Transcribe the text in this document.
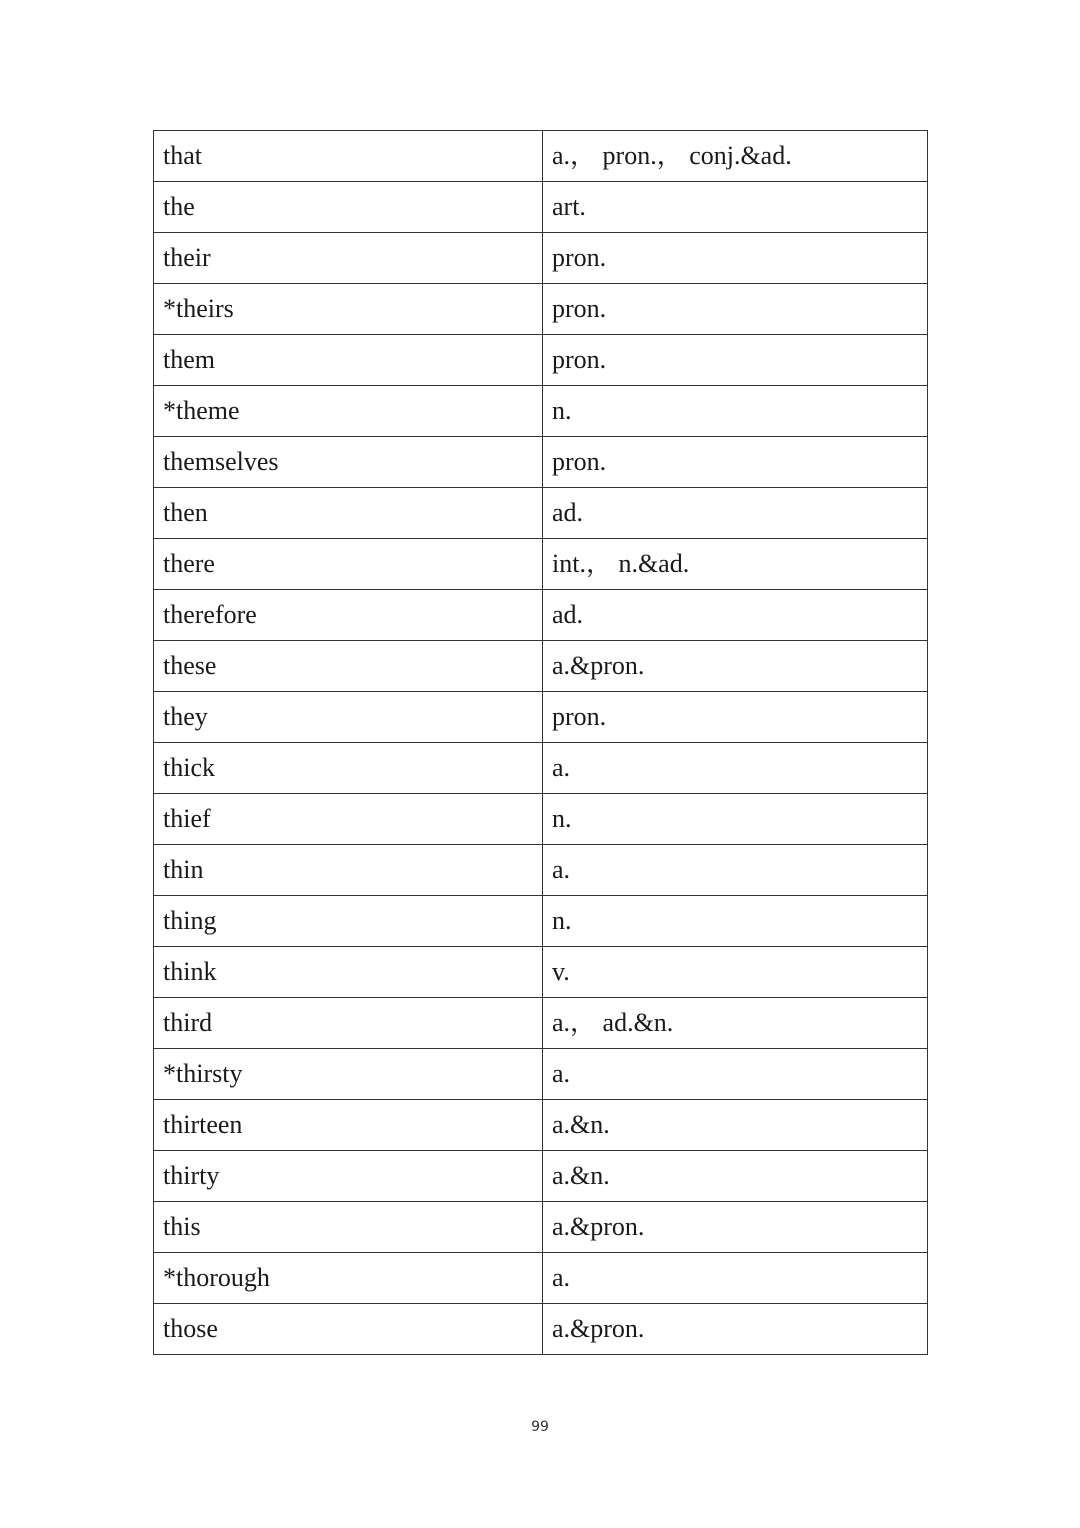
that	a.， pron.， conj.&ad.
the	art.
their	pron.
*theirs	pron.
them	pron.
*theme	n.
themselves	pron.
then	ad.
there	int.， n.&ad.
therefore	ad.
these	a.&pron.
they	pron.
thick	a.
thief	n.
thin	a.
thing	n.
think	v.
third	a.， ad.&n.
*thirsty	a.
thirteen	a.&n.
thirty	a.&n.
this	a.&pron.
*thorough	a.
those	a.&pron.
99
